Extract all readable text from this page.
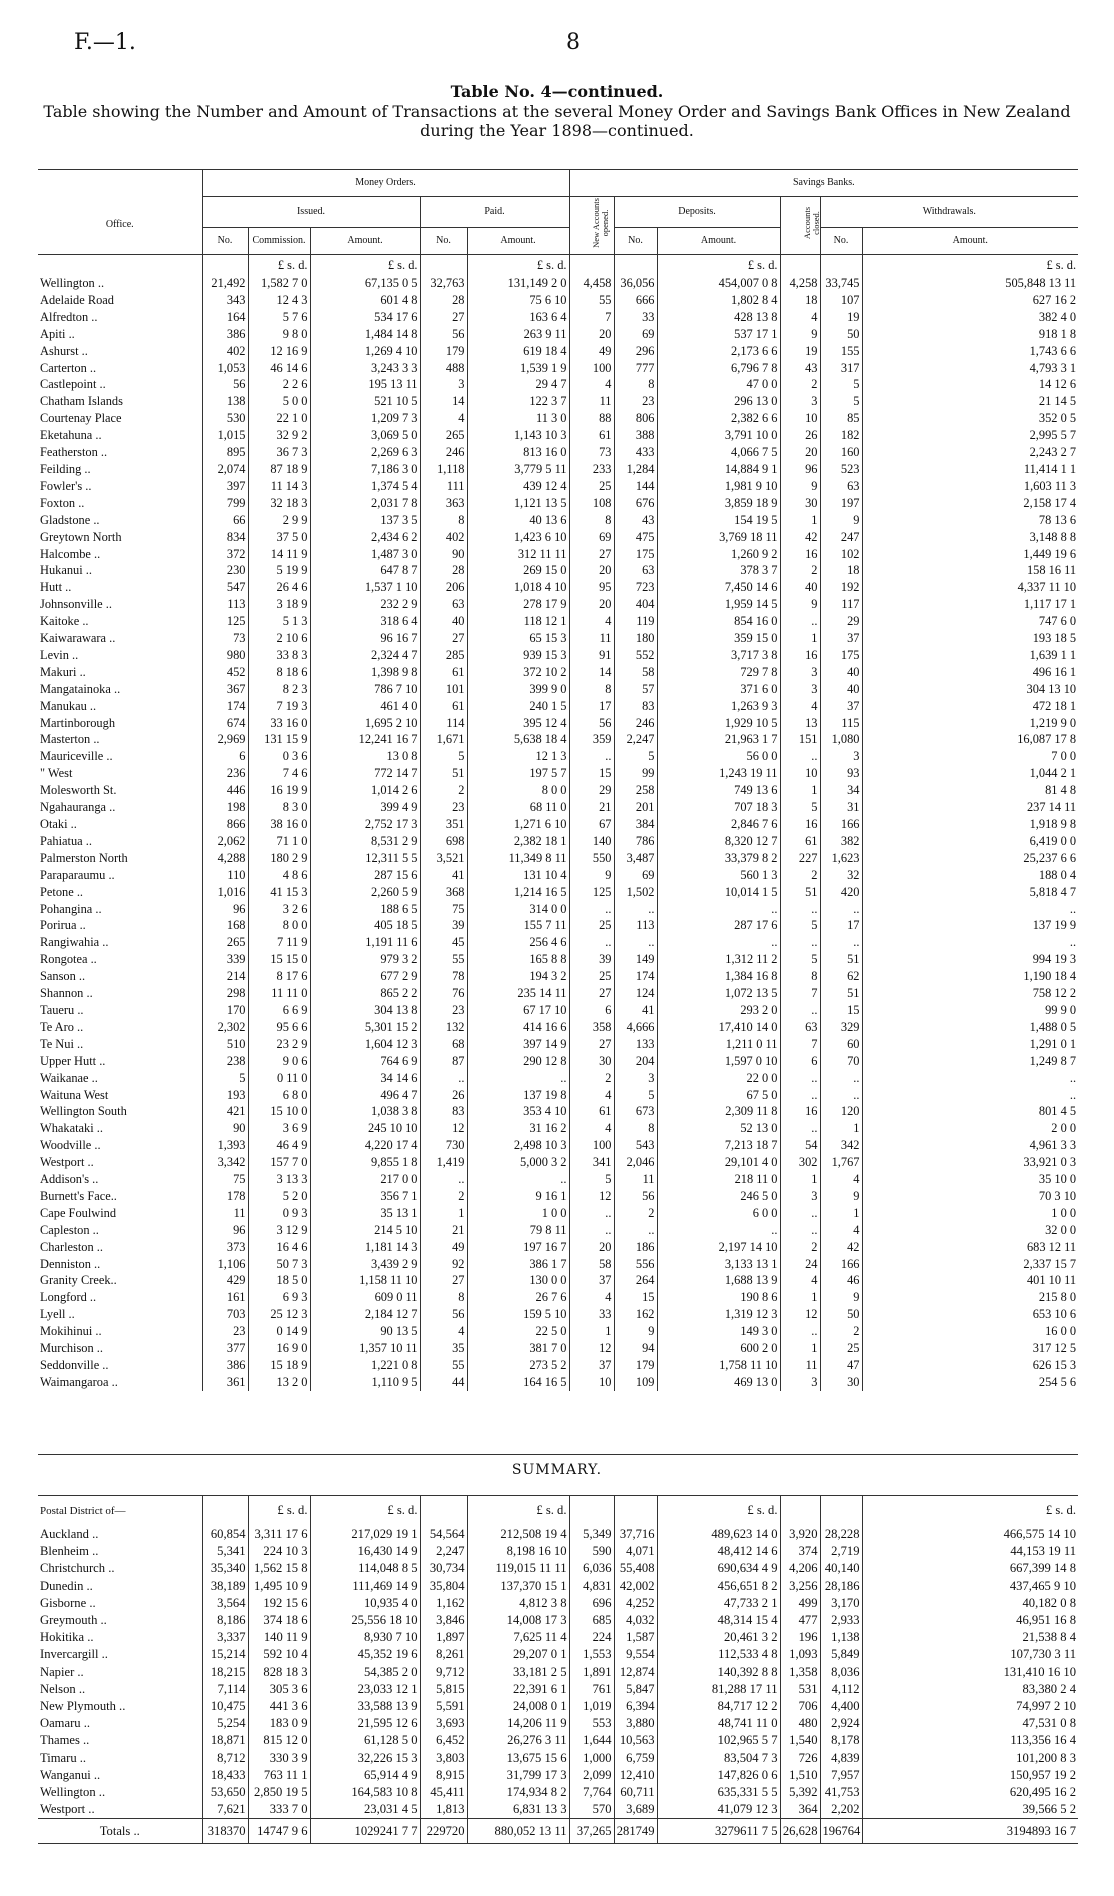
F.—1.	8
Table No. 4—continued.
Table showing the Number and Amount of Transactions at the several Money Order and Savings Bank Offices in New Zealand during the Year 1898—continued.
	Money Orders.					Savings Banks.					
Office.	Issued.			Paid.		New Accounts opened.	Deposits.		Accounts closed.	Withdrawals.	
	No.	Commission.	Amount.	No.	Amount.		No.	Amount.		No.	Amount.
		£ s. d.	£ s. d.		£ s. d.			£ s. d.			£ s. d.
Wellington ..	21,492	1,582 7 0	67,135 0 5	32,763	131,149 2 0	4,458	36,056	454,007 0 8	4,258	33,745	505,848 13 11
Adelaide Road	343	12 4 3	601 4 8	28	75 6 10	55	666	1,802 8 4	18	107	627 16 2
Alfredton ..	164	5 7 6	534 17 6	27	163 6 4	7	33	428 13 8	4	19	382 4 0
Apiti ..	386	9 8 0	1,484 14 8	56	263 9 11	20	69	537 17 1	9	50	918 1 8
Ashurst ..	402	12 16 9	1,269 4 10	179	619 18 4	49	296	2,173 6 6	19	155	1,743 6 6
Carterton ..	1,053	46 14 6	3,243 3 3	488	1,539 1 9	100	777	6,796 7 8	43	317	4,793 3 1
Castlepoint ..	56	2 2 6	195 13 11	3	29 4 7	4	8	47 0 0	2	5	14 12 6
Chatham Islands	138	5 0 0	521 10 5	14	122 3 7	11	23	296 13 0	3	5	21 14 5
Courtenay Place	530	22 1 0	1,209 7 3	4	11 3 0	88	806	2,382 6 6	10	85	352 0 5
Eketahuna ..	1,015	32 9 2	3,069 5 0	265	1,143 10 3	61	388	3,791 10 0	26	182	2,995 5 7
Featherston ..	895	36 7 3	2,269 6 3	246	813 16 0	73	433	4,066 7 5	20	160	2,243 2 7
Feilding ..	2,074	87 18 9	7,186 3 0	1,118	3,779 5 11	233	1,284	14,884 9 1	96	523	11,414 1 1
Fowler's ..	397	11 14 3	1,374 5 4	111	439 12 4	25	144	1,981 9 10	9	63	1,603 11 3
Foxton ..	799	32 18 3	2,031 7 8	363	1,121 13 5	108	676	3,859 18 9	30	197	2,158 17 4
Gladstone ..	66	2 9 9	137 3 5	8	40 13 6	8	43	154 19 5	1	9	78 13 6
Greytown North	834	37 5 0	2,434 6 2	402	1,423 6 10	69	475	3,769 18 11	42	247	3,148 8 8
Halcombe ..	372	14 11 9	1,487 3 0	90	312 11 11	27	175	1,260 9 2	16	102	1,449 19 6
Hukanui ..	230	5 19 9	647 8 7	28	269 15 0	20	63	378 3 7	2	18	158 16 11
Hutt ..	547	26 4 6	1,537 1 10	206	1,018 4 10	95	723	7,450 14 6	40	192	4,337 11 10
Johnsonville ..	113	3 18 9	232 2 9	63	278 17 9	20	404	1,959 14 5	9	117	1,117 17 1
Kaitoke ..	125	5 1 3	318 6 4	40	118 12 1	4	119	854 16 0	..	29	747 6 0
Kaiwarawara ..	73	2 10 6	96 16 7	27	65 15 3	11	180	359 15 0	1	37	193 18 5
Levin ..	980	33 8 3	2,324 4 7	285	939 15 3	91	552	3,717 3 8	16	175	1,639 1 1
Makuri ..	452	8 18 6	1,398 9 8	61	372 10 2	14	58	729 7 8	3	40	496 16 1
Mangatainoka ..	367	8 2 3	786 7 10	101	399 9 0	8	57	371 6 0	3	40	304 13 10
Manukau ..	174	7 19 3	461 4 0	61	240 1 5	17	83	1,263 9 3	4	37	472 18 1
Martinborough	674	33 16 0	1,695 2 10	114	395 12 4	56	246	1,929 10 5	13	115	1,219 9 0
Masterton ..	2,969	131 15 9	12,241 16 7	1,671	5,638 18 4	359	2,247	21,963 1 7	151	1,080	16,087 17 8
Mauriceville ..	6	0 3 6	13 0 8	5	12 1 3	..	5	56 0 0	..	3	7 0 0
" West	236	7 4 6	772 14 7	51	197 5 7	15	99	1,243 19 11	10	93	1,044 2 1
Molesworth St.	446	16 19 9	1,014 2 6	2	8 0 0	29	258	749 13 6	1	34	81 4 8
Ngahauranga ..	198	8 3 0	399 4 9	23	68 11 0	21	201	707 18 3	5	31	237 14 11
Otaki ..	866	38 16 0	2,752 17 3	351	1,271 6 10	67	384	2,846 7 6	16	166	1,918 9 8
Pahiatua ..	2,062	71 1 0	8,531 2 9	698	2,382 18 1	140	786	8,320 12 7	61	382	6,419 0 0
Palmerston North	4,288	180 2 9	12,311 5 5	3,521	11,349 8 11	550	3,487	33,379 8 2	227	1,623	25,237 6 6
Paraparaumu ..	110	4 8 6	287 15 6	41	131 10 4	9	69	560 1 3	2	32	188 0 4
Petone ..	1,016	41 15 3	2,260 5 9	368	1,214 16 5	125	1,502	10,014 1 5	51	420	5,818 4 7
Pohangina ..	96	3 2 6	188 6 5	75	314 0 0	..	..	..	..	..	..
Porirua ..	168	8 0 0	405 18 5	39	155 7 11	25	113	287 17 6	5	17	137 19 9
Rangiwahia ..	265	7 11 9	1,191 11 6	45	256 4 6	..	..	..	..	..	..
Rongotea ..	339	15 15 0	979 3 2	55	165 8 8	39	149	1,312 11 2	5	51	994 19 3
Sanson ..	214	8 17 6	677 2 9	78	194 3 2	25	174	1,384 16 8	8	62	1,190 18 4
Shannon ..	298	11 11 0	865 2 2	76	235 14 11	27	124	1,072 13 5	7	51	758 12 2
Taueru ..	170	6 6 9	304 13 8	23	67 17 10	6	41	293 2 0	..	15	99 9 0
Te Aro ..	2,302	95 6 6	5,301 15 2	132	414 16 6	358	4,666	17,410 14 0	63	329	1,488 0 5
Te Nui ..	510	23 2 9	1,604 12 3	68	397 14 9	27	133	1,211 0 11	7	60	1,291 0 1
Upper Hutt ..	238	9 0 6	764 6 9	87	290 12 8	30	204	1,597 0 10	6	70	1,249 8 7
Waikanae ..	5	0 11 0	34 14 6	..	..	2	3	22 0 0	..	..	..
Waituna West	193	6 8 0	496 4 7	26	137 19 8	4	5	67 5 0	..	..	..
Wellington South	421	15 10 0	1,038 3 8	83	353 4 10	61	673	2,309 11 8	16	120	801 4 5
Whakataki ..	90	3 6 9	245 10 10	12	31 16 2	4	8	52 13 0	..	1	2 0 0
Woodville ..	1,393	46 4 9	4,220 17 4	730	2,498 10 3	100	543	7,213 18 7	54	342	4,961 3 3
Westport ..	3,342	157 7 0	9,855 1 8	1,419	5,000 3 2	341	2,046	29,101 4 0	302	1,767	33,921 0 3
Addison's ..	75	3 13 3	217 0 0	..	..	5	11	218 11 0	1	4	35 10 0
Burnett's Face..	178	5 2 0	356 7 1	2	9 16 1	12	56	246 5 0	3	9	70 3 10
Cape Foulwind	11	0 9 3	35 13 1	1	1 0 0	..	2	6 0 0	..	1	1 0 0
Capleston ..	96	3 12 9	214 5 10	21	79 8 11	..	..	..	..	4	32 0 0
Charleston ..	373	16 4 6	1,181 14 3	49	197 16 7	20	186	2,197 14 10	2	42	683 12 11
Denniston ..	1,106	50 7 3	3,439 2 9	92	386 1 7	58	556	3,133 13 1	24	166	2,337 15 7
Granity Creek..	429	18 5 0	1,158 11 10	27	130 0 0	37	264	1,688 13 9	4	46	401 10 11
Longford ..	161	6 9 3	609 0 11	8	26 7 6	4	15	190 8 6	1	9	215 8 0
Lyell ..	703	25 12 3	2,184 12 7	56	159 5 10	33	162	1,319 12 3	12	50	653 10 6
Mokihinui ..	23	0 14 9	90 13 5	4	22 5 0	1	9	149 3 0	..	2	16 0 0
Murchison ..	377	16 9 0	1,357 10 11	35	381 7 0	12	94	600 2 0	1	25	317 12 5
Seddonville ..	386	15 18 9	1,221 0 8	55	273 5 2	37	179	1,758 11 10	11	47	626 15 3
Waimangaroa ..	361	13 2 0	1,110 9 5	44	164 16 5	10	109	469 13 0	3	30	254 5 6
SUMMARY.
Postal District of—		£ s. d.	£ s. d.		£ s. d.			£ s. d.			£ s. d.
Auckland ..	60,854	3,311 17 6	217,029 19 1	54,564	212,508 19 4	5,349	37,716	489,623 14 0	3,920	28,228	466,575 14 10
Blenheim ..	5,341	224 10 3	16,430 14 9	2,247	8,198 16 10	590	4,071	48,412 14 6	374	2,719	44,153 19 11
Christchurch ..	35,340	1,562 15 8	114,048 8 5	30,734	119,015 11 11	6,036	55,408	690,634 4 9	4,206	40,140	667,399 14 8
Dunedin ..	38,189	1,495 10 9	111,469 14 9	35,804	137,370 15 1	4,831	42,002	456,651 8 2	3,256	28,186	437,465 9 10
Gisborne ..	3,564	192 15 6	10,935 4 0	1,162	4,812 3 8	696	4,252	47,733 2 1	499	3,170	40,182 0 8
Greymouth ..	8,186	374 18 6	25,556 18 10	3,846	14,008 17 3	685	4,032	48,314 15 4	477	2,933	46,951 16 8
Hokitika ..	3,337	140 11 9	8,930 7 10	1,897	7,625 11 4	224	1,587	20,461 3 2	196	1,138	21,538 8 4
Invercargill ..	15,214	592 10 4	45,352 19 6	8,261	29,207 0 1	1,553	9,554	112,533 4 8	1,093	5,849	107,730 3 11
Napier ..	18,215	828 18 3	54,385 2 0	9,712	33,181 2 5	1,891	12,874	140,392 8 8	1,358	8,036	131,410 16 10
Nelson ..	7,114	305 3 6	23,033 12 1	5,815	22,391 6 1	761	5,847	81,288 17 11	531	4,112	83,380 2 4
New Plymouth ..	10,475	441 3 6	33,588 13 9	5,591	24,008 0 1	1,019	6,394	84,717 12 2	706	4,400	74,997 2 10
Oamaru ..	5,254	183 0 9	21,595 12 6	3,693	14,206 11 9	553	3,880	48,741 11 0	480	2,924	47,531 0 8
Thames ..	18,871	815 12 0	61,128 5 0	6,452	26,276 3 11	1,644	10,563	102,965 5 7	1,540	8,178	113,356 16 4
Timaru ..	8,712	330 3 9	32,226 15 3	3,803	13,675 15 6	1,000	6,759	83,504 7 3	726	4,839	101,200 8 3
Wanganui ..	18,433	763 11 1	65,914 4 9	8,915	31,799 17 3	2,099	12,410	147,826 0 6	1,510	7,957	150,957 19 2
Wellington ..	53,650	2,850 19 5	164,583 10 8	45,411	174,934 8 2	7,764	60,711	635,331 5 5	5,392	41,753	620,495 16 2
Westport ..	7,621	333 7 0	23,031 4 5	1,813	6,831 13 3	570	3,689	41,079 12 3	364	2,202	39,566 5 2
Totals ..	318370	14747 9 6	1029241 7 7	229720	880,052 13 11	37,265	281749	3279611 7 5	26,628	196764	3194893 16 7
